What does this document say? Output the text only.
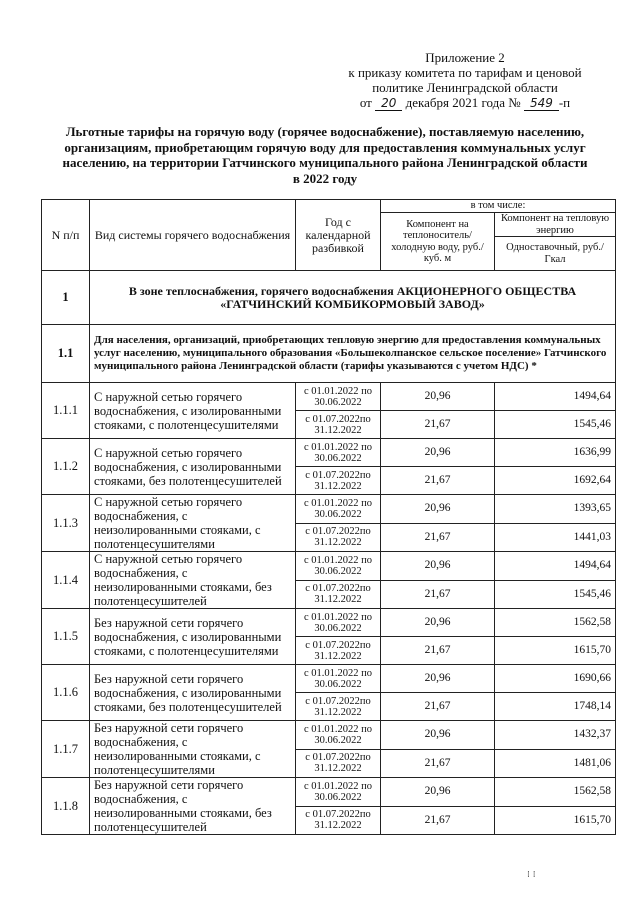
Приложение 2
к приказу комитета по тарифам и ценовой
политике Ленинградской области
от 20 декабря 2021 года № 549 -п
Льготные тарифы на горячую воду (горячее водоснабжение), поставляемую населению, организациям, приобретающим горячую воду для предоставления коммунальных услуг населению, на территории Гатчинского муниципального района Ленинградской области в 2022 году
N п/п	Вид системы горячего водоснабжения	Год с календарной разбивкой	в том числе:	
			Компонент на теплоноситель/ холодную воду, руб./куб. м	Компонент на тепловую энергию
				Одноставочный, руб./Гкал
1	В зоне теплоснабжения, горячего водоснабжения АКЦИОНЕРНОГО ОБЩЕСТВА «ГАТЧИНСКИЙ КОМБИКОРМОВЫЙ ЗАВОД»			
1.1	Для населения, организаций, приобретающих тепловую энергию для предоставления коммунальных услуг населению, муниципального образования «Большеколпанское сельское поселение» Гатчинского муниципального района Ленинградской области (тарифы указываются с учетом НДС) *			
1.1.1	С наружной сетью горячего водоснабжения, с изолированными стояками, с полотенцесушителями	с 01.01.2022 по 30.06.2022	20,96	1494,64
		с 01.07.2022по 31.12.2022	21,67	1545,46
1.1.2	С наружной сетью горячего водоснабжения, с изолированными стояками, без полотенцесушителей	с 01.01.2022 по 30.06.2022	20,96	1636,99
		с 01.07.2022по 31.12.2022	21,67	1692,64
1.1.3	С наружной сетью горячего водоснабжения, с неизолированными стояками, с полотенцесушителями	с 01.01.2022 по 30.06.2022	20,96	1393,65
		с 01.07.2022по 31.12.2022	21,67	1441,03
1.1.4	С наружной сетью горячего водоснабжения, с неизолированными стояками, без полотенцесушителей	с 01.01.2022 по 30.06.2022	20,96	1494,64
		с 01.07.2022по 31.12.2022	21,67	1545,46
1.1.5	Без наружной сети горячего водоснабжения, с изолированными стояками, с полотенцесушителями	с 01.01.2022 по 30.06.2022	20,96	1562,58
		с 01.07.2022по 31.12.2022	21,67	1615,70
1.1.6	Без наружной сети горячего водоснабжения, с изолированными стояками, без полотенцесушителей	с 01.01.2022 по 30.06.2022	20,96	1690,66
		с 01.07.2022по 31.12.2022	21,67	1748,14
1.1.7	Без наружной сети горячего водоснабжения, с неизолированными стояками, с полотенцесушителями	с 01.01.2022 по 30.06.2022	20,96	1432,37
		с 01.07.2022по 31.12.2022	21,67	1481,06
1.1.8	Без наружной сети горячего водоснабжения, с неизолированными стояками, без полотенцесушителей	с 01.01.2022 по 30.06.2022	20,96	1562,58
		с 01.07.2022по 31.12.2022	21,67	1615,70
⁞ ⁞
